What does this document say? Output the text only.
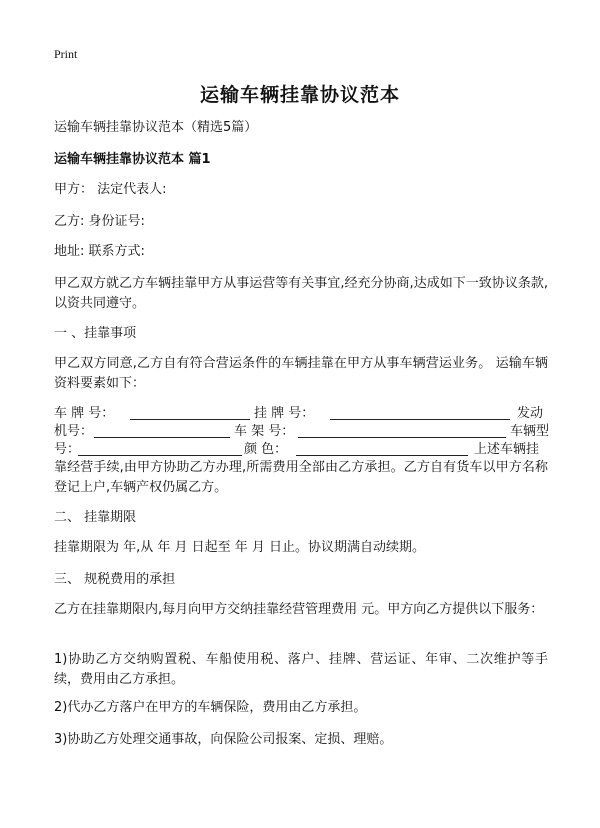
Print
运输车辆挂靠协议范本
运输车辆挂靠协议范本（精选5篇）
运输车辆挂靠协议范本 篇1
甲方： 法定代表人:
乙方: 身份证号:
地址: 联系方式:
甲乙双方就乙方车辆挂靠甲方从事运营等有关事宜,经充分协商,达成如下一致协议条款,以资共同遵守。
一 、挂靠事项
甲乙双方同意,乙方自有符合营运条件的车辆挂靠在甲方从事车辆营运业务。 运输车辆资料要素如下：
车 牌 号：	挂 牌 号：	发动
机号：	车 架 号：	车辆型
号：	颜 色：	上述车辆挂
靠经营手续,由甲方协助乙方办理,所需费用全部由乙方承担。乙方自有货车以甲方名称登记上户,车辆产权仍属乙方。
二、 挂靠期限
挂靠期限为 年,从 年 月 日起至 年 月 日止。协议期满自动续期。
三、 规税费用的承担
乙方在挂靠期限内,每月向甲方交纳挂靠经营管理费用 元。甲方向乙方提供以下服务：
1)协助乙方交纳购置税、车船使用税、落户、挂牌、营运证、年审、二次维护等手续，费用由乙方承担。
2)代办乙方落户在甲方的车辆保险，费用由乙方承担。
3)协助乙方处理交通事故，向保险公司报案、定损、理赔。
